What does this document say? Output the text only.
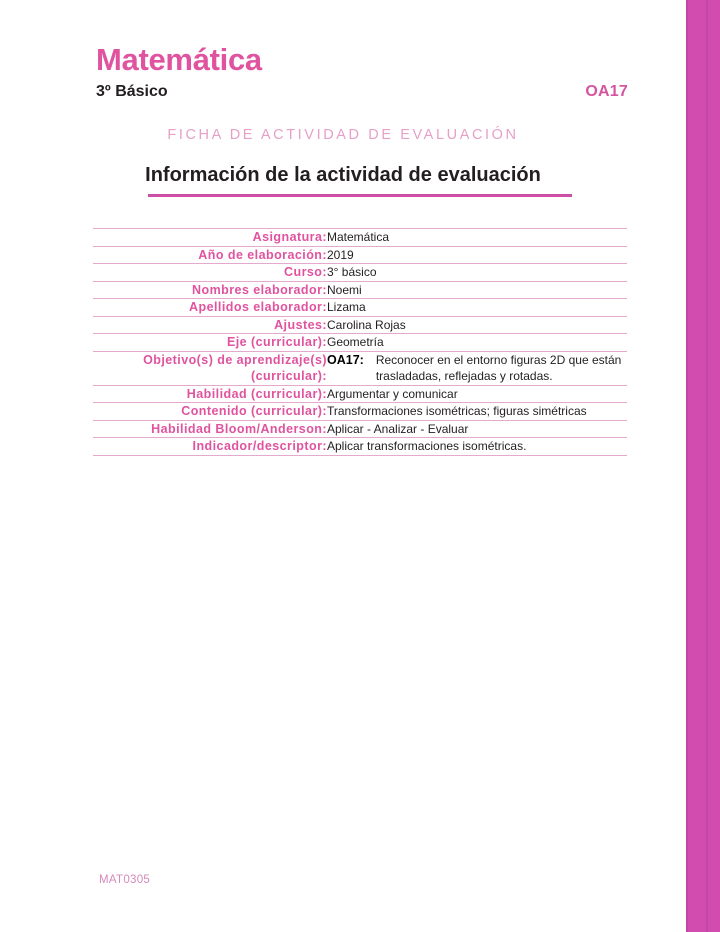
Matemática
3º Básico	OA17
FICHA DE ACTIVIDAD DE EVALUACIÓN
Información de la actividad de evaluación
Asignatura:	Matemática
Año de elaboración:	2019
Curso:	3° básico
Nombres elaborador:	Noemi
Apellidos elaborador:	Lizama
Ajustes:	Carolina Rojas
Eje (curricular):	Geometría
Objetivo(s) de aprendizaje(s)
(curricular):	OA17: Reconocer en el entorno figuras 2D que están trasladadas, reflejadas y rotadas.

Habilidad (curricular):	Argumentar y comunicar
Contenido (curricular):	Transformaciones isométricas; figuras simétricas
Habilidad Bloom/Anderson:	Aplicar - Analizar - Evaluar
Indicador/descriptor:	Aplicar transformaciones isométricas.
MAT0305
